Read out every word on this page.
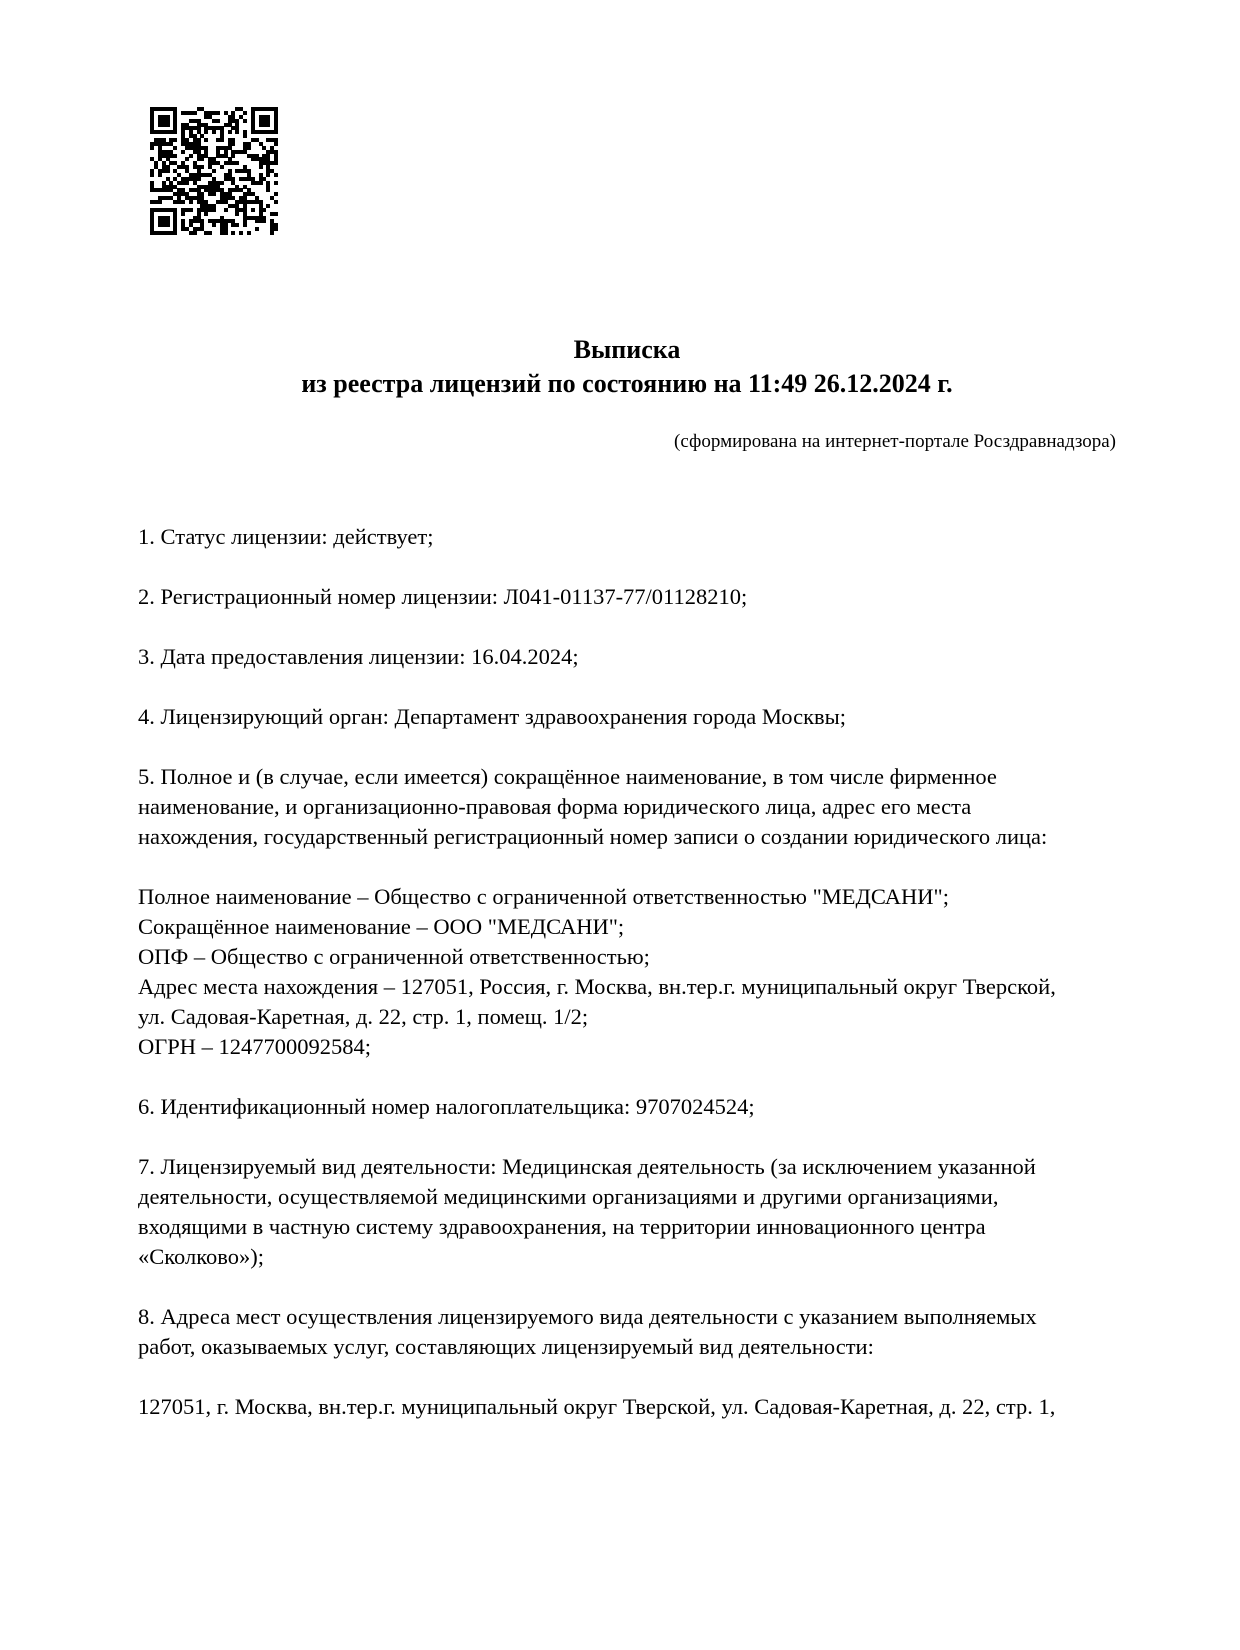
Выписка
из реестра лицензий по состоянию на 11:49 26.12.2024 г.
(сформирована на интернет-портале Росздравнадзора)
1. Статус лицензии: действует;
2. Регистрационный номер лицензии: Л041-01137-77/01128210;
3. Дата предоставления лицензии: 16.04.2024;
4. Лицензирующий орган: Департамент здравоохранения города Москвы;
5. Полное и (в случае, если имеется) сокращённое наименование, в том числе фирменное
наименование, и организационно-правовая форма юридического лица, адрес его места
нахождения, государственный регистрационный номер записи о создании юридического лица:
Полное наименование – Общество с ограниченной ответственностью "МЕДСАНИ";
Сокращённое наименование – ООО "МЕДСАНИ";
ОПФ – Общество с ограниченной ответственностью;
Адрес места нахождения – 127051, Россия, г. Москва, вн.тер.г. муниципальный округ Тверской,
ул. Садовая-Каретная, д. 22, стр. 1, помещ. 1/2;
ОГРН – 1247700092584;
6. Идентификационный номер налогоплательщика: 9707024524;
7. Лицензируемый вид деятельности: Медицинская деятельность (за исключением указанной
деятельности, осуществляемой медицинскими организациями и другими организациями,
входящими в частную систему здравоохранения, на территории инновационного центра
«Сколково»);
8. Адреса мест осуществления лицензируемого вида деятельности с указанием выполняемых
работ, оказываемых услуг, составляющих лицензируемый вид деятельности:
127051, г. Москва, вн.тер.г. муниципальный округ Тверской, ул. Садовая-Каретная, д. 22, стр. 1,
